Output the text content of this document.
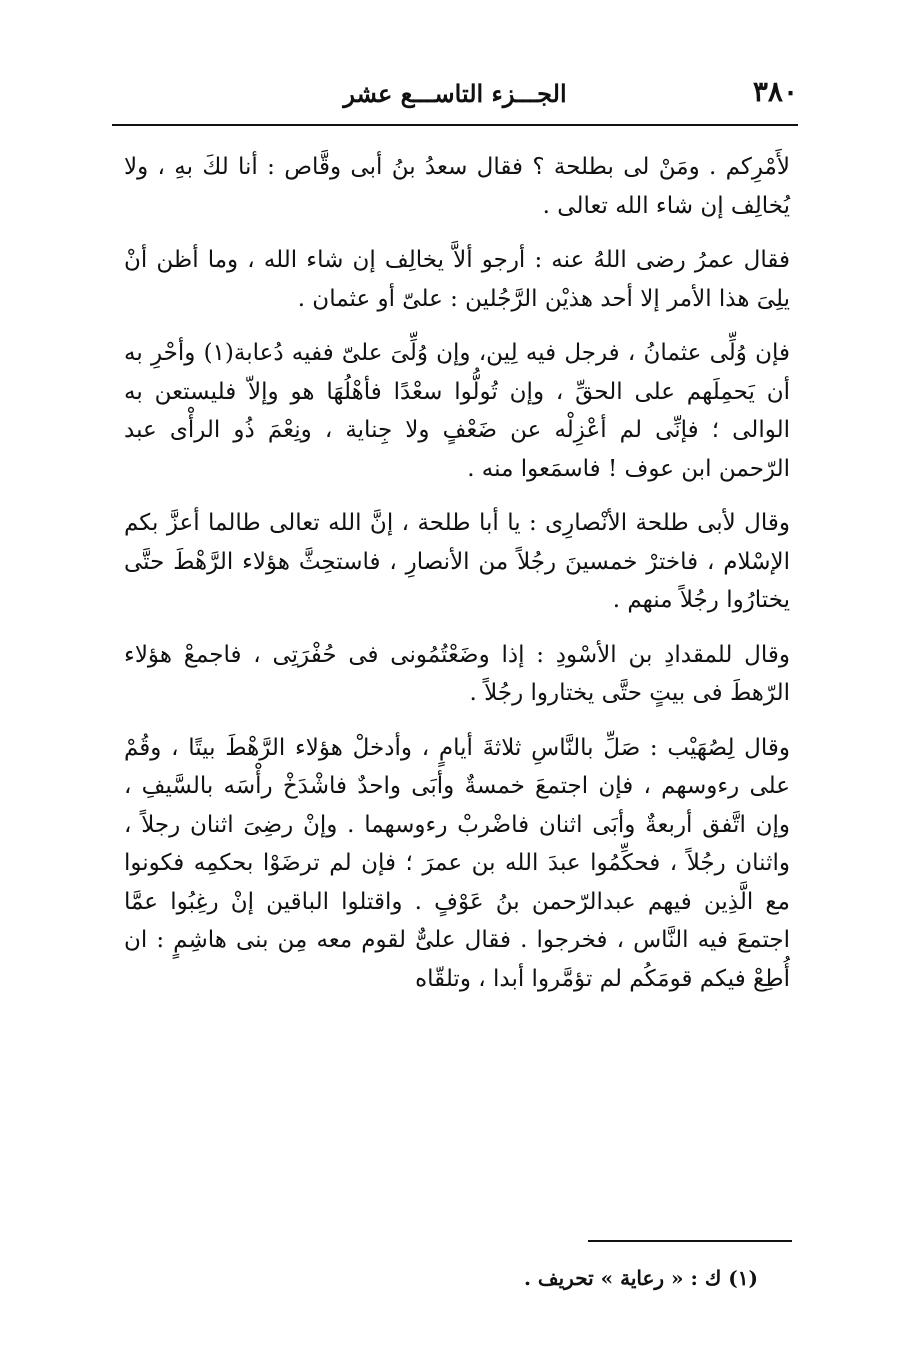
٣٨٠
الجـــزء التاســـع عشر

لأَمْرِكم . ومَنْ لى بطلحة ؟ فقال سعدُ بنُ أبى وقَّاص : أنا لكَ بهِ ، ولا يُخالِف إن شاء الله تعالى .

فقال عمرُ رضى اللهُ عنه : أرجو ألاَّ يخالِف إن شاء الله ، وما أظن أنْ يلِىَ هذا الأمر إلا أحد هذيْن الرَّجُلين : علىّ أو عثمان .

فإن وُلِّى عثمانُ ، فرجل فيه لِين، وإن وُلِّىَ علىّ ففيه دُعابة(١) وأحْرِ به أن يَحمِلَهم على الحقِّ ، وإن تُولُّوا سعْدًا فأهْلُهَا هو وإلاّ فليستعن به الوالى ؛ فإنِّى لم أعْزِلْه عن ضَعْفٍ ولا جِناية ، ونِعْمَ ذُو الرأْى عبد الرّحمن ابن عوف ! فاسمَعوا منه .

وقال لأبى طلحة الأنْصارِى : يا أبا طلحة ، إنَّ الله تعالى طالما أعزَّ بكم الإسْلام ، فاخترْ خمسينَ رجُلاً من الأنصارِ ، فاستحِثَّ هؤلاء الرَّهْطَ حتَّى يختارُوا رجُلاً منهم .

وقال للمقدادِ بن الأسْودِ : إذا وضَعْتُمُونى فى حُفْرَتِى ، فاجمعْ هؤلاء الرّهطَ فى بيتٍ حتَّى يختاروا رجُلاً .

وقال لِصُهَيْب : صَلِّ بالنَّاسِ ثلاثةَ أيامٍ ، وأدخلْ هؤلاء الرَّهْطَ بيتًا ، وقُمْ على رءوسهم ، فإن اجتمعَ خمسةٌ وأبَى واحدٌ فاشْدَخْ رأْسَه بالسَّيفِ ، وإن اتَّفق أربعةٌ وأبَى اثنان فاضْربْ رءوسهما . وإنْ رضِىَ اثنان رجلاً ، واثنان رجُلاً ، فحكِّمُوا عبدَ الله بن عمرَ ؛ فإن لم ترضَوْا بحكمِه فكونوا مع الَّذِين فيهم عبدالرّحمن بنُ عَوْفٍ . واقتلوا الباقين إنْ رغِبُوا عمَّا اجتمعَ فيه النَّاس ، فخرجوا . فقال علىٌّ لقوم معه مِن بنى هاشِمٍ : ان أُطِعْ فيكم قومَكُم لم تؤمَّروا أبدا ، وتلقّاه

(١) ك : « رعاية » تحريف .
